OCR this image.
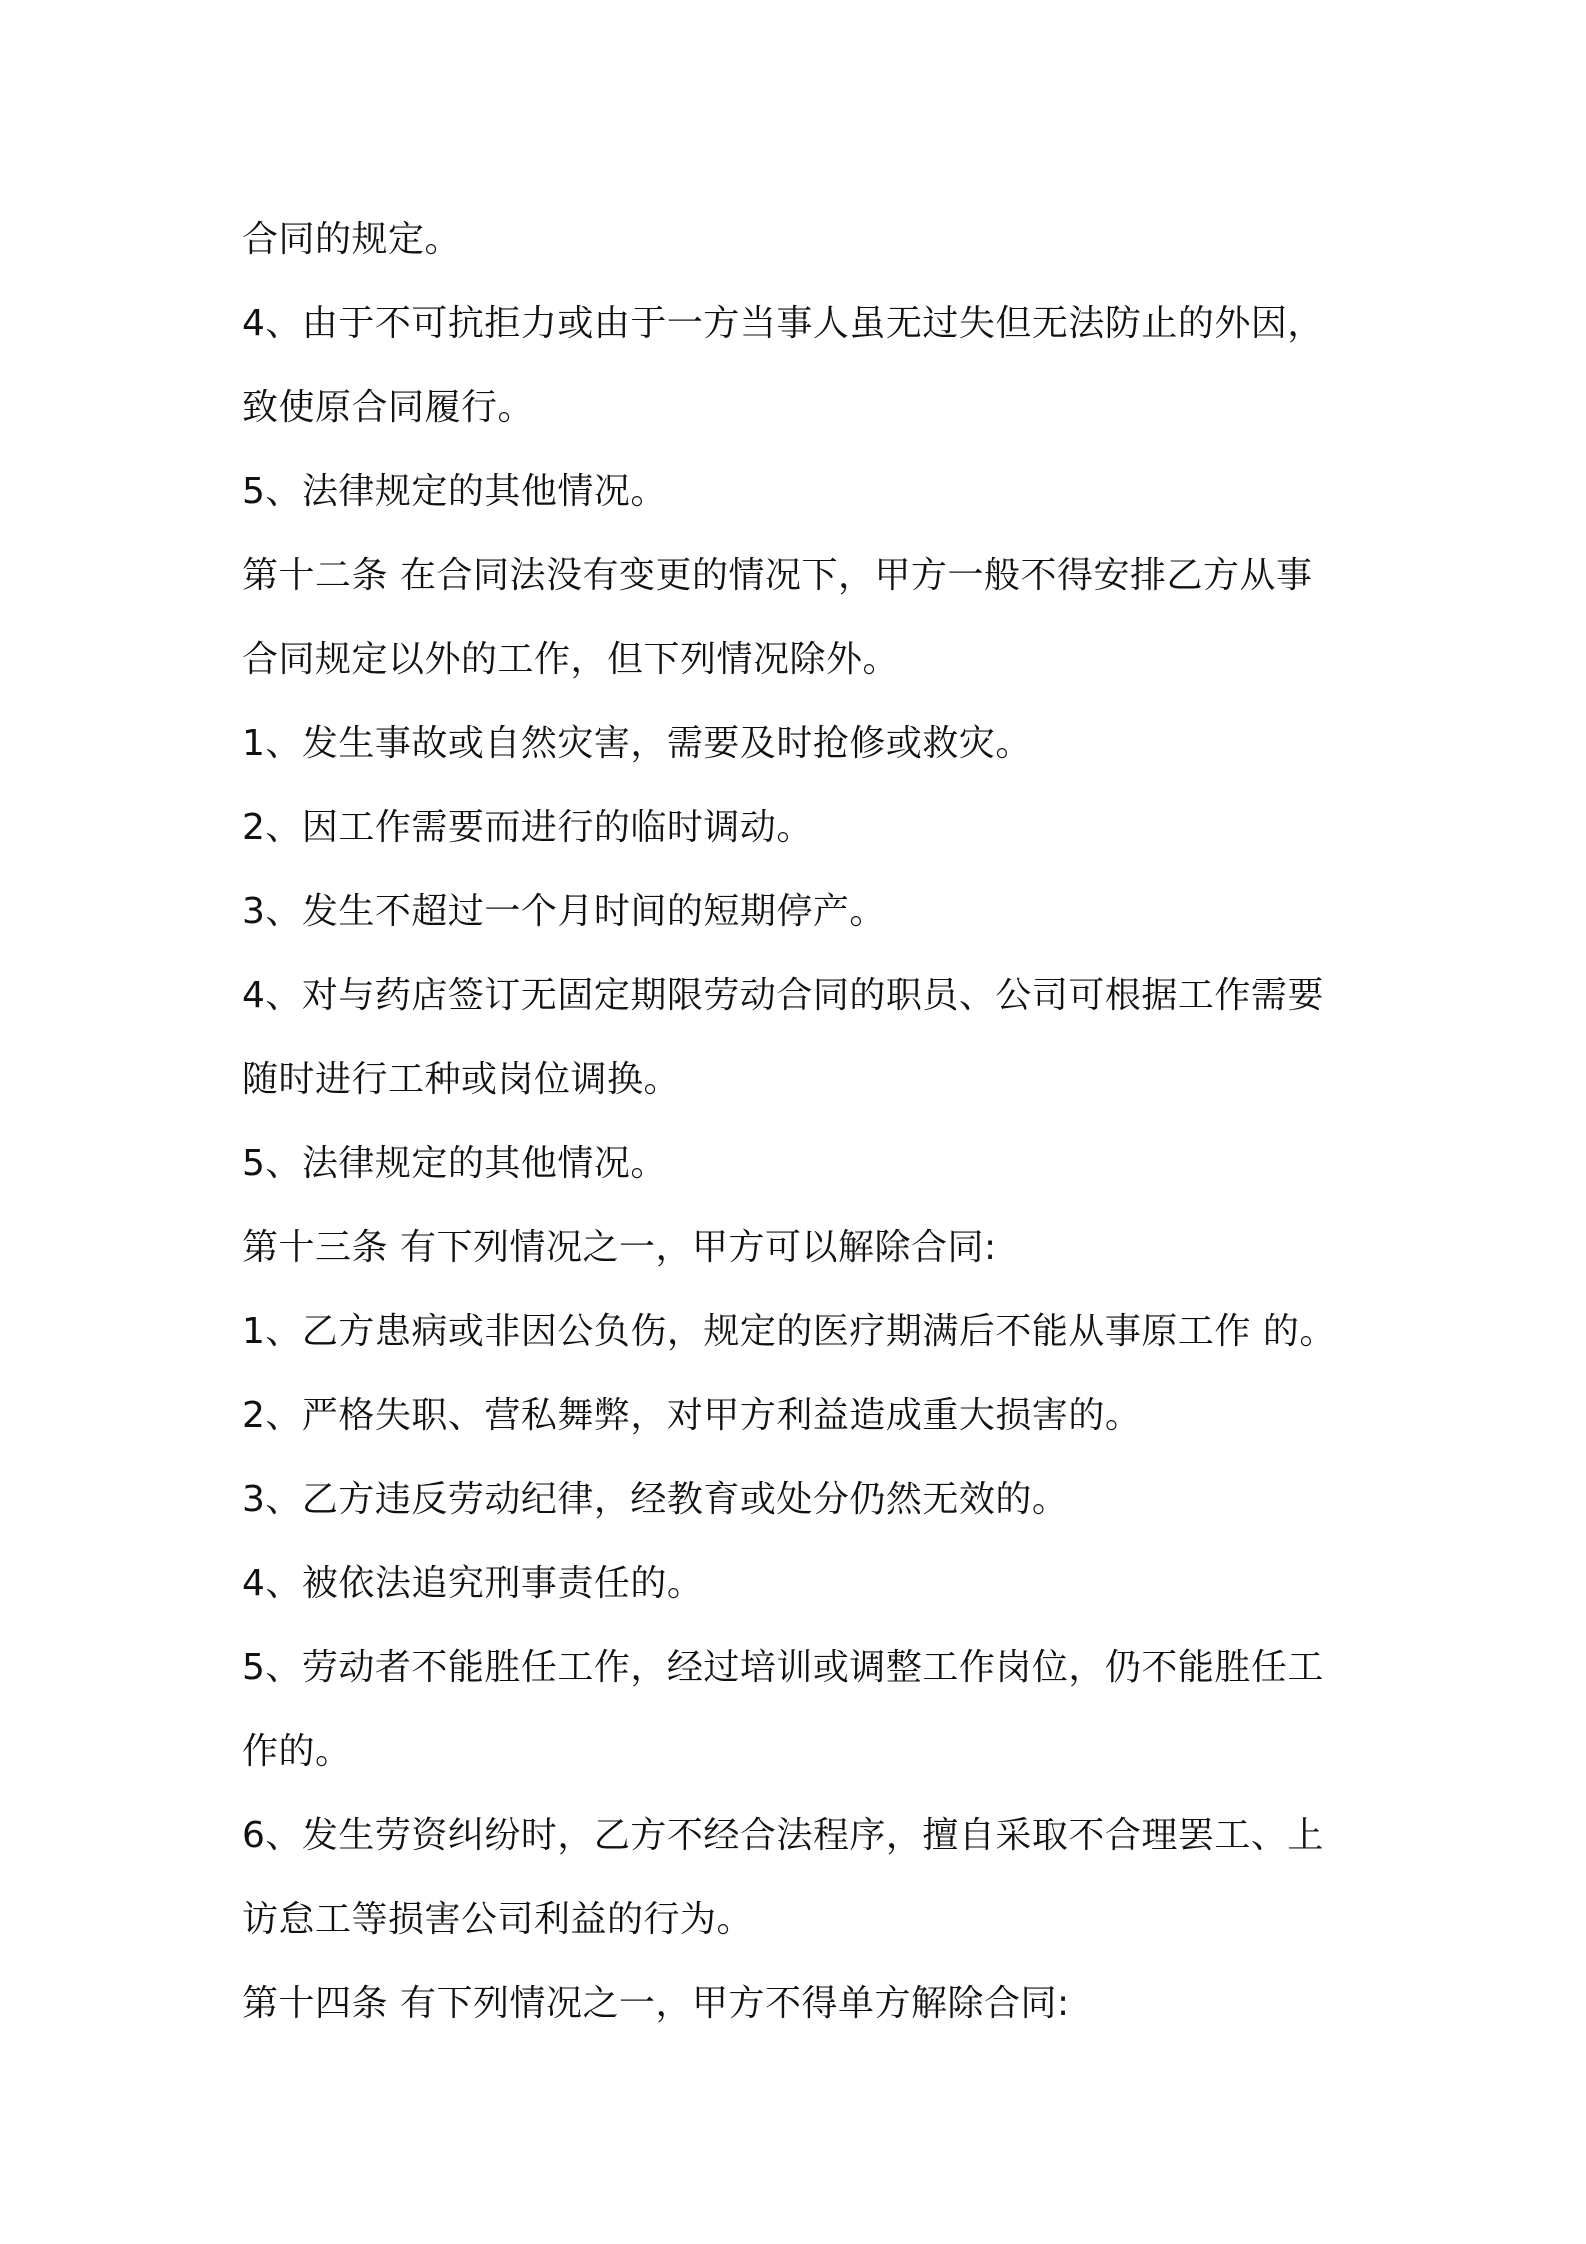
合同的规定。
4、由于不可抗拒力或由于一方当事人虽无过失但无法防止的外因，
致使原合同履行。
5、法律规定的其他情况。
第十二条 在合同法没有变更的情况下，甲方一般不得安排乙方从事
合同规定以外的工作，但下列情况除外。
1、发生事故或自然灾害，需要及时抢修或救灾。
2、因工作需要而进行的临时调动。
3、发生不超过一个月时间的短期停产。
4、对与药店签订无固定期限劳动合同的职员、公司可根据工作需要
随时进行工种或岗位调换。
5、法律规定的其他情况。
第十三条 有下列情况之一，甲方可以解除合同:
1、乙方患病或非因公负伤，规定的医疗期满后不能从事原工作 的。
2、严格失职、营私舞弊，对甲方利益造成重大损害的。
3、乙方违反劳动纪律，经教育或处分仍然无效的。
4、被依法追究刑事责任的。
5、劳动者不能胜任工作，经过培训或调整工作岗位，仍不能胜任工
作的。
6、发生劳资纠纷时，乙方不经合法程序，擅自采取不合理罢工、上
访怠工等损害公司利益的行为。
第十四条 有下列情况之一，甲方不得单方解除合同:
